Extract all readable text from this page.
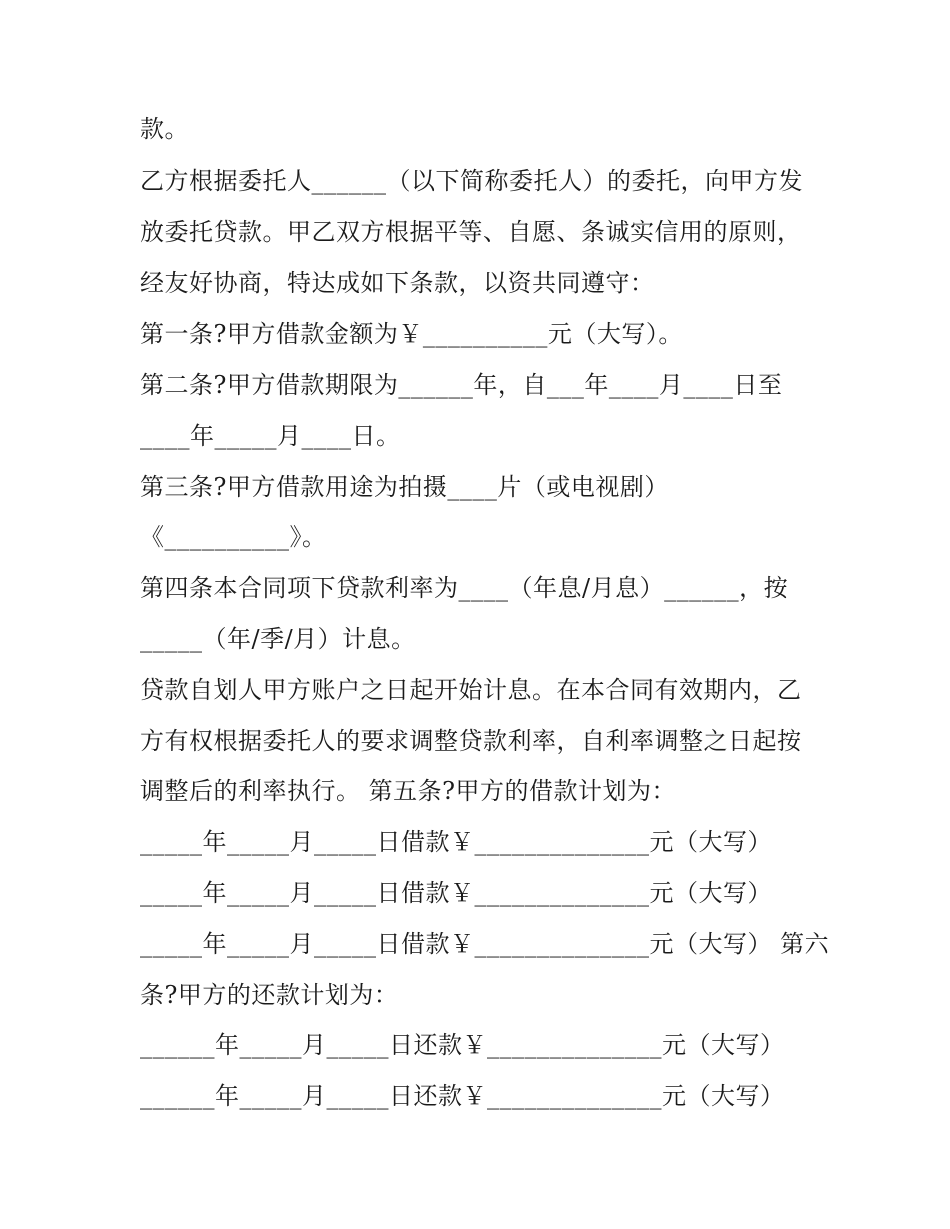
款。
乙方根据委托人______（以下简称委托人）的委托，向甲方发
放委托贷款。甲乙双方根据平等、自愿、条诚实信用的原则，
经友好协商，特达成如下条款，以资共同遵守：
第一条?甲方借款金额为￥__________元（大写）。
第二条?甲方借款期限为______年，自___年____月____日至
____年_____月____日。
第三条?甲方借款用途为拍摄____片（或电视剧）
《__________》。
第四条本合同项下贷款利率为____（年息/月息）______，按
_____（年/季/月）计息。
贷款自划人甲方账户之日起开始计息。在本合同有效期内，乙
方有权根据委托人的要求调整贷款利率，自利率调整之日起按
调整后的利率执行。 第五条?甲方的借款计划为：
_____年_____月_____日借款￥______________元（大写）
_____年_____月_____日借款￥______________元（大写）
_____年_____月_____日借款￥______________元（大写） 第六
条?甲方的还款计划为：
______年_____月_____日还款￥______________元（大写）
______年_____月_____日还款￥______________元（大写）
